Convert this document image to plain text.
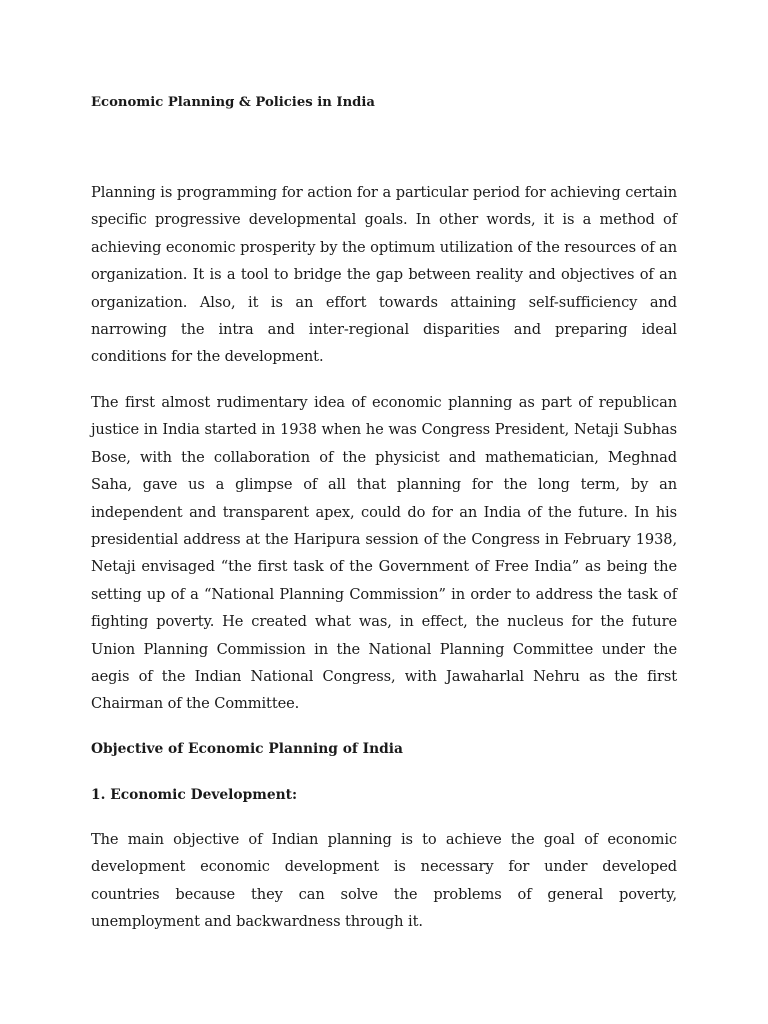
Economic Planning & Policies in India

Planning is programming for action for a particular period for achieving certain specific progressive developmental goals. In other words, it is a method of achieving economic prosperity by the optimum utilization of the resources of an organization. It is a tool to bridge the gap between reality and objectives of an organization. Also, it is an effort towards attaining self-sufficiency and narrowing the intra and inter-regional disparities and preparing ideal conditions for the development.

The first almost rudimentary idea of economic planning as part of republican justice in India started in 1938 when he was Congress President, Netaji Subhas Bose, with the collaboration of the physicist and mathematician, Meghnad Saha, gave us a glimpse of all that planning for the long term, by an independent and transparent apex, could do for an India of the future. In his presidential address at the Haripura session of the Congress in February 1938, Netaji envisaged “the first task of the Government of Free India” as being the setting up of a “National Planning Commission” in order to address the task of fighting poverty. He created what was, in effect, the nucleus for the future Union Planning Commission in the National Planning Committee under the aegis of the Indian National Congress, with Jawaharlal Nehru as the first Chairman of the Committee.

Objective of Economic Planning of India
1. Economic Development:

The main objective of Indian planning is to achieve the goal of economic development economic development is necessary for under developed countries because they can solve the problems of general poverty, unemployment and backwardness through it.
